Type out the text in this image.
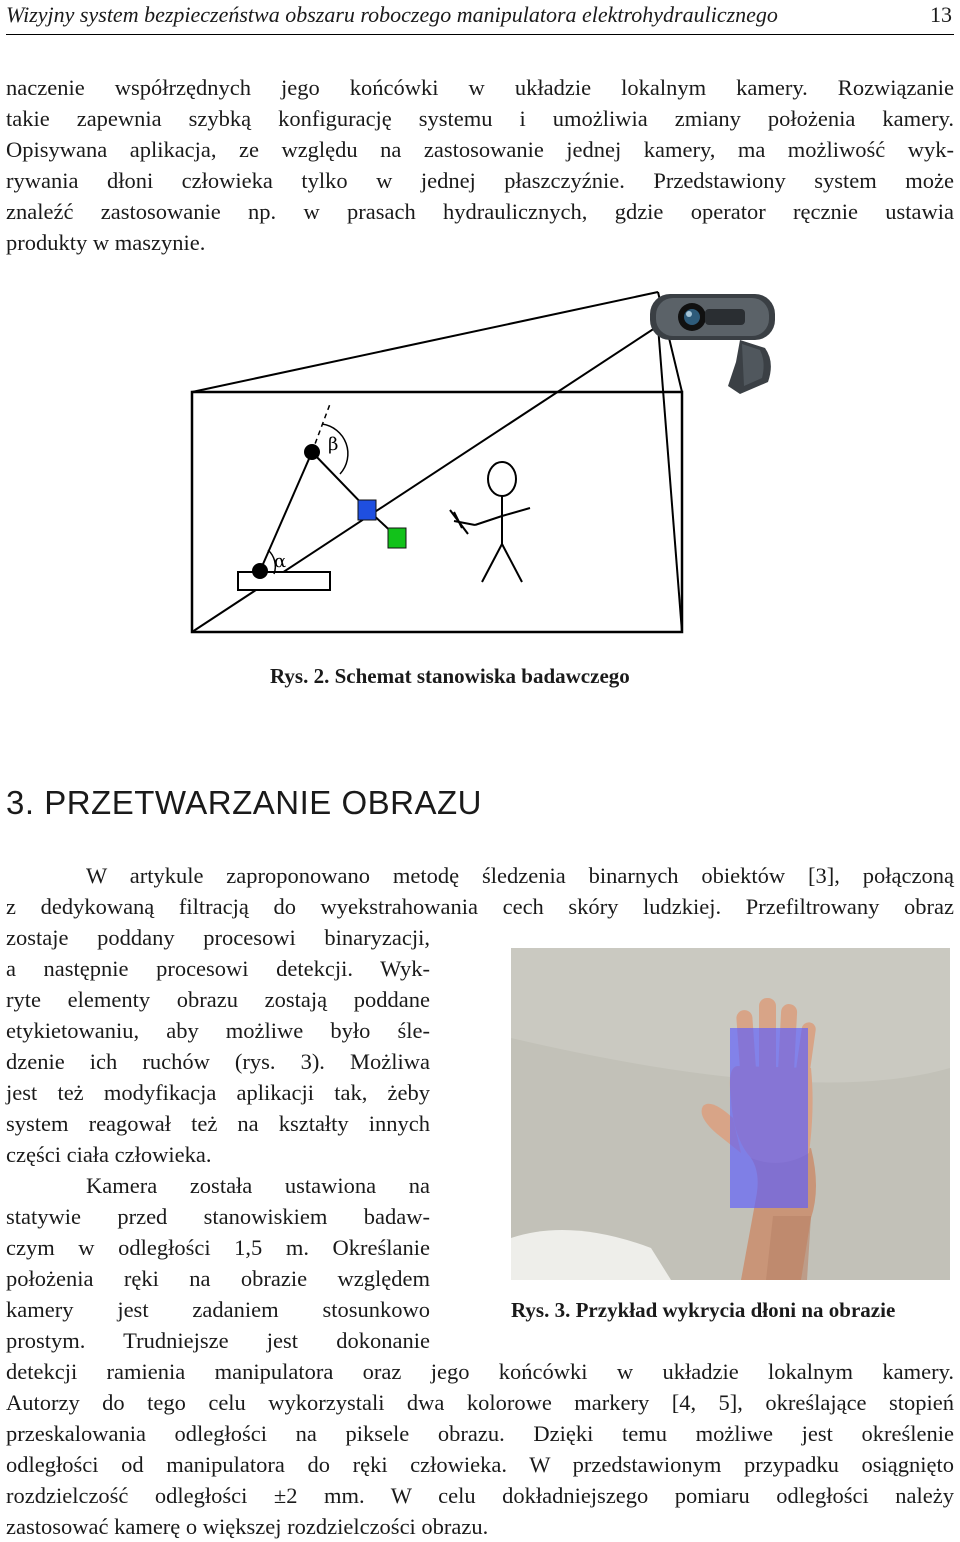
Wizyjny system bezpieczeństwa obszaru roboczego manipulatora elektrohydraulicznego	13
naczenie współrzędnych jego końcówki w układzie lokalnym kamery. Rozwiązanie
takie zapewnia szybką konfigurację systemu i umożliwia zmiany położenia kamery.
Opisywana aplikacja, ze względu na zastosowanie jednej kamery, ma możliwość wyk-
rywania dłoni człowieka tylko w jednej płaszczyźnie. Przedstawiony system może
znaleźć zastosowanie np. w prasach hydraulicznych, gdzie operator ręcznie ustawia
produkty w maszynie.
β
α
Rys. 2. Schemat stanowiska badawczego
3. PRZETWARZANIE OBRAZU
W artykule zaproponowano metodę śledzenia binarnych obiektów [3], połączoną
z dedykowaną filtracją do wyekstrahowania cech skóry ludzkiej. Przefiltrowany obraz
zostaje poddany procesowi binaryzacji,
a następnie procesowi detekcji. Wyk-
ryte elementy obrazu zostają poddane
etykietowaniu, aby możliwe było śle-
dzenie ich ruchów (rys. 3). Możliwa
jest też modyfikacja aplikacji tak, żeby
system reagował też na kształty innych
części ciała człowieka.
Kamera została ustawiona na
statywie przed stanowiskiem badaw-
czym w odległości 1,5 m. Określanie
położenia ręki na obrazie względem
kamery jest zadaniem stosunkowo
prostym. Trudniejsze jest dokonanie
Rys. 3. Przykład wykrycia dłoni na obrazie
detekcji ramienia manipulatora oraz jego końcówki w układzie lokalnym kamery.
Autorzy do tego celu wykorzystali dwa kolorowe markery [4, 5], określające stopień
przeskalowania odległości na piksele obrazu. Dzięki temu możliwe jest określenie
odległości od manipulatora do ręki człowieka. W przedstawionym przypadku osiągnięto
rozdzielczość odległości ±2 mm. W celu dokładniejszego pomiaru odległości należy
zastosować kamerę o większej rozdzielczości obrazu.
